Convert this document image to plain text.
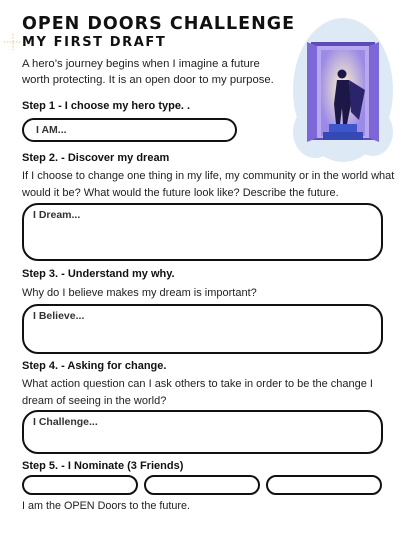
OPEN DOORS CHALLENGE
MY FIRST DRAFT
A hero’s journey begins when I imagine a future worth protecting. It is an open door to my purpose.
Step 1 - I choose my hero type. .
I AM...
Step 2. - Discover my dream
If I choose to change one thing in my life, my community or in the world what would it be? What would the future look like? Describe the future.
I Dream...
Step 3. - Understand my why.
Why do I believe makes my dream is important?
I Believe...
Step 4. - Asking for change.
What action question can I ask others to take in order to be the change I dream of seeing in the world?
I Challenge...
Step 5. - I Nominate (3 Friends)
I am the OPEN Doors to the future.
